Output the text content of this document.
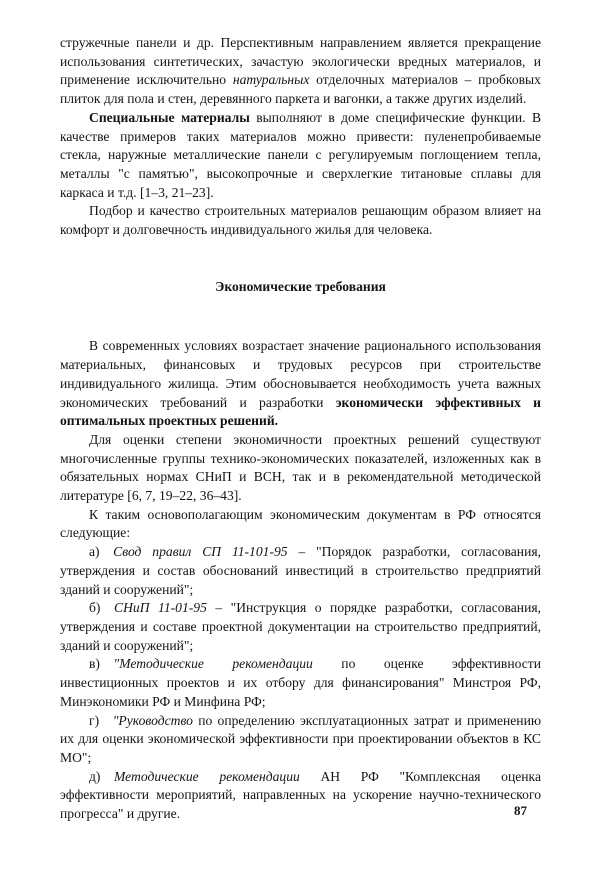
стружечные панели и др. Перспективным направлением является прекращение использования синтетических, зачастую экологически вредных материалов, и применение исключительно натуральных отделочных материалов – пробковых плиток для пола и стен, деревянного паркета и вагонки, а также других изделий.

Специальные материалы выполняют в доме специфические функции. В качестве примеров таких материалов можно привести: пуленепробиваемые стекла, наружные металлические панели с регулируемым поглощением тепла, металлы "с памятью", высокопрочные и сверхлегкие титановые сплавы для каркаса и т.д. [1–3, 21–23].

Подбор и качество строительных материалов решающим образом влияет на комфорт и долговечность индивидуального жилья для человека.

Экономические требования

В современных условиях возрастает значение рационального использования материальных, финансовых и трудовых ресурсов при строительстве индивидуального жилища. Этим обосновывается необходимость учета важных экономических требований и разработки экономически эффективных и оптимальных проектных решений.

Для оценки степени экономичности проектных решений существуют многочисленные группы технико-экономических показателей, изложенных как в обязательных нормах СНиП и ВСН, так и в рекомендательной методической литературе [6, 7, 19–22, 36–43].

К таким основополагающим экономическим документам в РФ относятся следующие:

а)  Свод правил СП 11-101-95 – "Порядок разработки, согласования, утверждения и состав обоснований инвестиций в строительство предприятий зданий и сооружений";

б)  СНиП 11-01-95 – "Инструкция о порядке разработки, согласования, утверждения и составе проектной документации на строительство предприятий, зданий и сооружений";

в)  "Методические рекомендации по оценке эффективности инвестиционных проектов и их отбору для финансирования" Минстроя РФ, Минэкономики РФ и Минфина РФ;

г)  "Руководство по определению эксплуатационных затрат и применению их для оценки экономической эффективности при проектировании объектов в КС МО";

д)  Методические рекомендации АН РФ "Комплексная оценка эффективности мероприятий, направленных на ускорение научно-технического прогресса" и другие.	87
